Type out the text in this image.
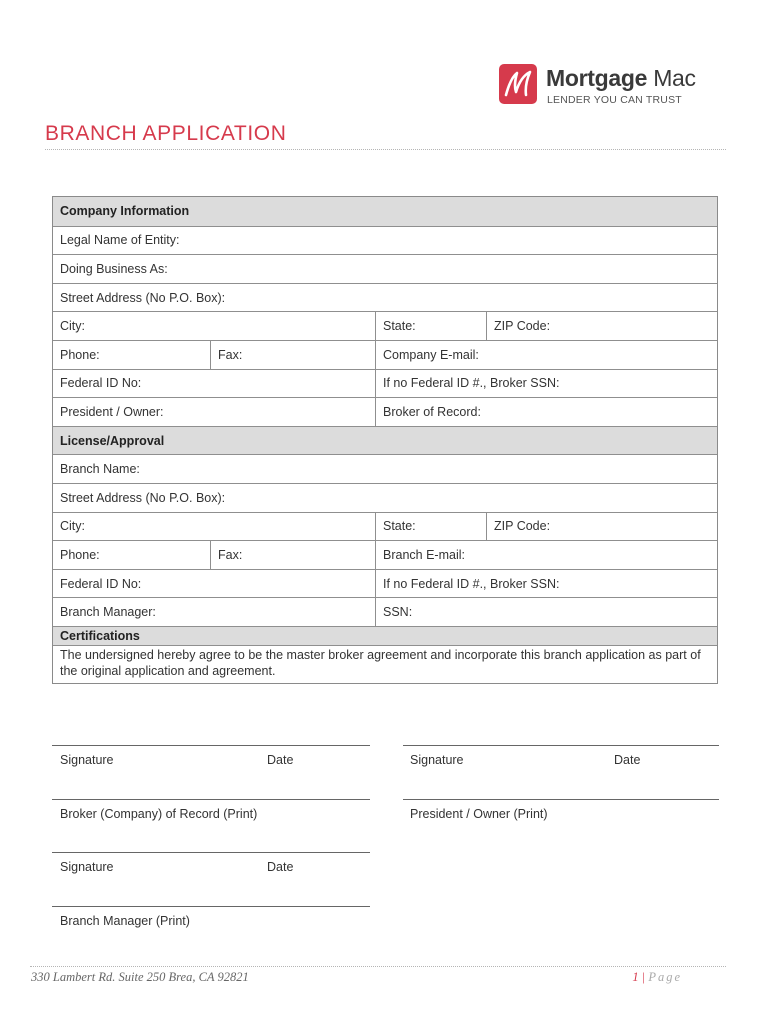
Mortgage Mac
LENDER YOU CAN TRUST
BRANCH APPLICATION
Company Information
Legal Name of Entity:
Doing Business As:
Street Address (No P.O. Box):
City:	State:	ZIP Code:
Phone:	Fax:	Company E-mail:
Federal ID No:	If no Federal ID #., Broker SSN:
President / Owner:	Broker of Record:
License/Approval
Branch Name:
Street Address (No P.O. Box):
City:	State:	ZIP Code:
Phone:	Fax:	Branch E-mail:
Federal ID No:	If no Federal ID #., Broker SSN:
Branch Manager:	SSN:
Certifications
The undersigned hereby agree to be the master broker agreement and incorporate this branch application as part of the original application and agreement.
Signature	Date	Signature	Date
Broker (Company) of Record (Print)	President / Owner (Print)
Signature	Date
Branch Manager (Print)
330 Lambert Rd. Suite 250 Brea, CA 92821	1 | Page
